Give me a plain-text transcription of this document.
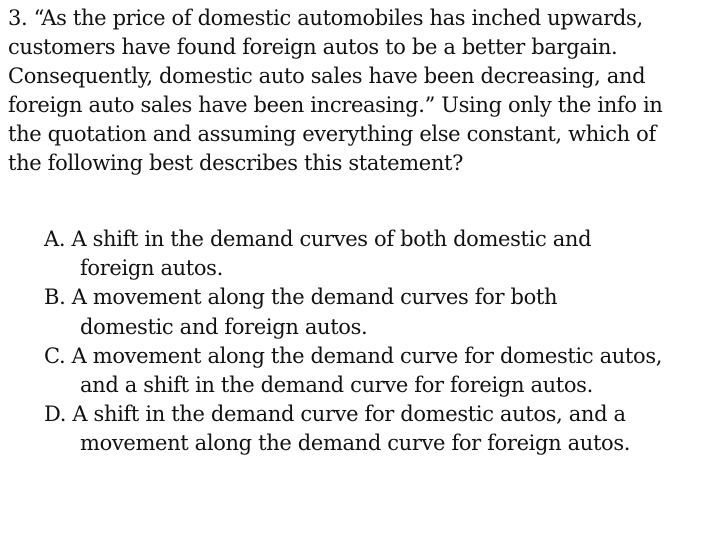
3. “As the price of domestic automobiles has inched upwards,
customers have found foreign autos to be a better bargain.
Consequently, domestic auto sales have been decreasing, and
foreign auto sales have been increasing.” Using only the info in
the quotation and assuming everything else constant, which of
the following best describes this statement?
A. A shift in the demand curves of both domestic and
foreign autos.
B. A movement along the demand curves for both
domestic and foreign autos.
C. A movement along the demand curve for domestic autos,
and a shift in the demand curve for foreign autos.
D. A shift in the demand curve for domestic autos, and a
movement along the demand curve for foreign autos.
